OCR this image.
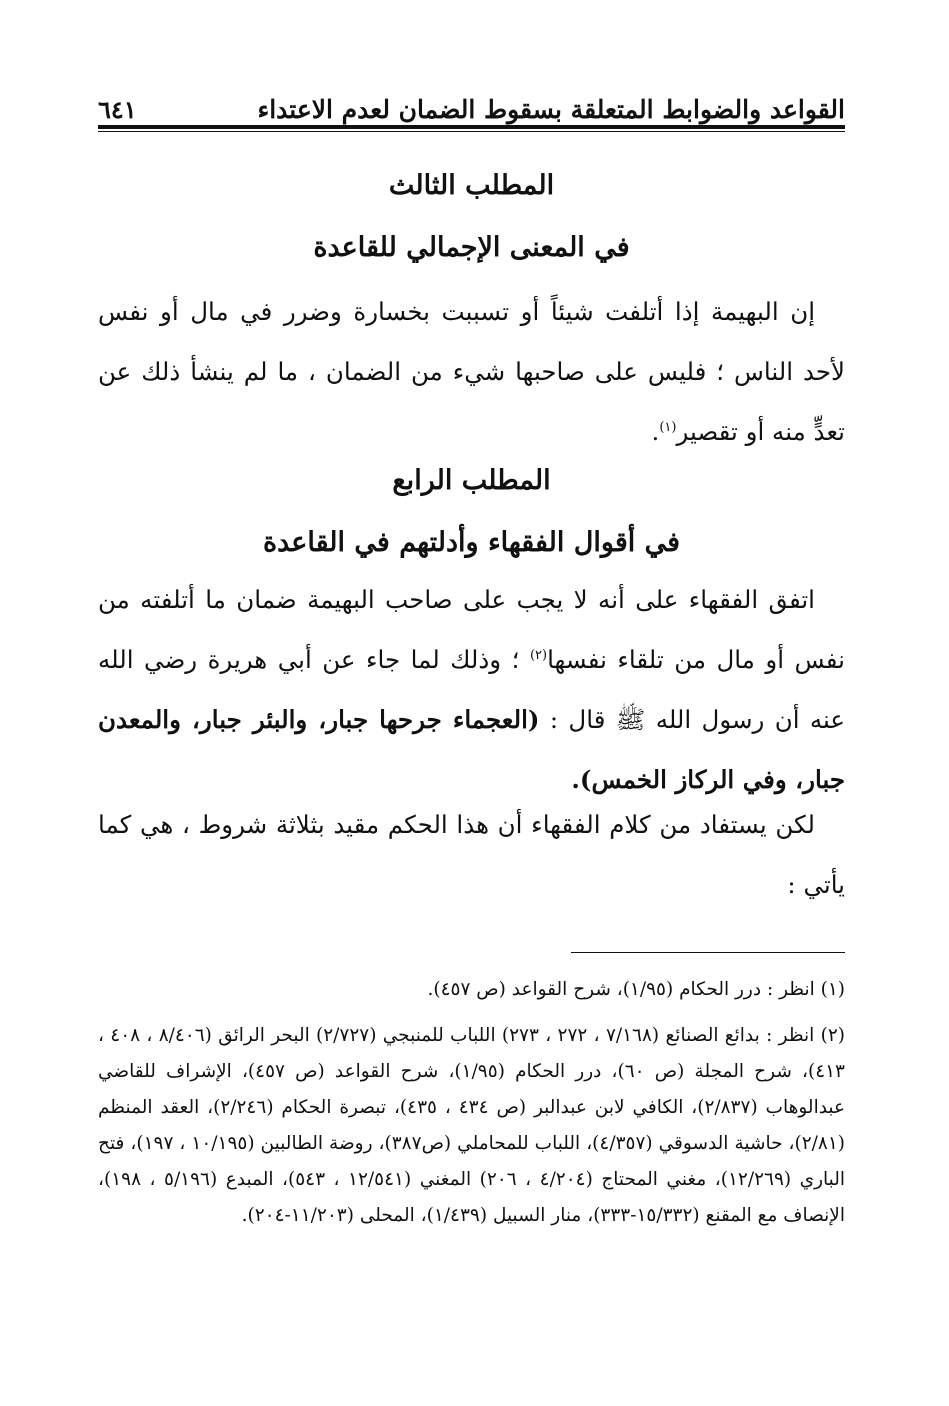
القواعد والضوابط المتعلقة بسقوط الضمان لعدم الاعتداء
٦٤١
المطلب الثالث
في المعنى الإجمالي للقاعدة
إن البهيمة إذا أتلفت شيئاً أو تسببت بخسارة وضرر في مال أو نفس لأحد الناس ؛ فليس على صاحبها شيء من الضمان ، ما لم ينشأ ذلك عن تعدٍّ منه أو تقصير$^{(١)}$.
المطلب الرابع
في أقوال الفقهاء وأدلتهم في القاعدة
اتفق الفقهاء على أنه لا يجب على صاحب البهيمة ضمان ما أتلفته من نفس أو مال من تلقاء نفسها$^{(٢)}$ ؛ وذلك لما جاء عن أبي هريرة رضي الله عنه أن رسول الله ﷺ قال : (العجماء جرحها جبار، والبئر جبار، والمعدن جبار، وفي الركاز الخمس).
لكن يستفاد من كلام الفقهاء أن هذا الحكم مقيد بثلاثة شروط ، هي كما يأتي :
(١) انظر : درر الحكام (١/٩٥)، شرح القواعد (ص ٤٥٧).
(٢) انظر : بدائع الصنائع (٧/١٦٨ ، ٢٧٢ ، ٢٧٣) اللباب للمنبجي (٢/٧٢٧) البحر الرائق (٨/٤٠٦ ، ٤٠٨ ، ٤١٣)، شرح المجلة (ص ٦٠)، درر الحكام (١/٩٥)، شرح القواعد (ص ٤٥٧)، الإشراف للقاضي عبدالوهاب (٢/٨٣٧)، الكافي لابن عبدالبر (ص ٤٣٤ ، ٤٣٥)، تبصرة الحكام (٢/٢٤٦)، العقد المنظم (٢/٨١)، حاشية الدسوقي (٤/٣٥٧)، اللباب للمحاملي (ص٣٨٧)، روضة الطالبين (١٠/١٩٥ ، ١٩٧)، فتح الباري (١٢/٢٦٩)، مغني المحتاج (٤/٢٠٤ ، ٢٠٦) المغني (١٢/٥٤١ ، ٥٤٣)، المبدع (٥/١٩٦ ، ١٩٨)، الإنصاف مع المقنع (١٥/٣٣٢-٣٣٣)، منار السبيل (١/٤٣٩)، المحلى (١١/٢٠٣-٢٠٤).
